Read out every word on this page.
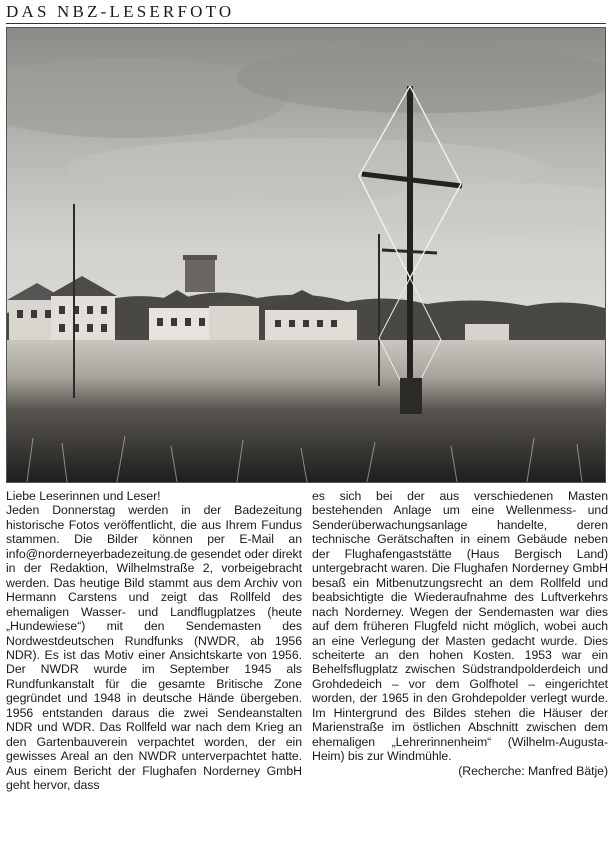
DAS NBZ-LESERFOTO

Liebe Leserinnen und Leser!

Jeden Donnerstag werden in der Badezeitung historische Fotos veröffentlicht, die aus Ihrem Fundus stammen. Die Bilder können per E-Mail an info@norderneyerbadezeitung.de gesendet oder direkt in der Redaktion, Wilhelmstraße 2, vorbeigebracht werden. Das heutige Bild stammt aus dem Archiv von Hermann Carstens und zeigt das Rollfeld des ehemaligen Wasser- und Landflugplatzes (heute „Hundewiese“) mit den Sendemasten des Nordwestdeutschen Rundfunks (NWDR, ab 1956 NDR). Es ist das Motiv einer Ansichtskarte von 1956. Der NWDR wurde im September 1945 als Rundfunkanstalt für die gesamte Britische Zone gegründet und 1948 in deutsche Hände übergeben. 1956 entstanden daraus die zwei Sendeanstalten NDR und WDR. Das Rollfeld war nach dem Krieg an den Gartenbauverein verpachtet worden, der ein gewisses Areal an den NWDR unterverpachtet hatte. Aus einem Bericht der Flughafen Norderney GmbH geht hervor, dass

es sich bei der aus verschiedenen Masten bestehenden Anlage um eine Wellenmess- und Senderüberwachungsanlage handelte, deren technische Gerätschaften in einem Gebäude neben der Flughafengaststätte (Haus Bergisch Land) untergebracht waren. Die Flughafen Norderney GmbH besaß ein Mitbenutzungsrecht an dem Rollfeld und beabsichtigte die Wiederaufnahme des Luftverkehrs nach Norderney. Wegen der Sendemasten war dies auf dem früheren Flugfeld nicht möglich, wobei auch an eine Verlegung der Masten gedacht wurde. Dies scheiterte an den hohen Kosten. 1953 war ein Behelfsflugplatz zwischen Südstrandpolderdeich und Grohdedeich – vor dem Golfhotel – eingerichtet worden, der 1965 in den Grohdepolder verlegt wurde. Im Hintergrund des Bildes stehen die Häuser der Marienstraße im östlichen Abschnitt zwischen dem ehemaligen „Lehrerinnenheim“ (Wilhelm-Augusta-Heim) bis zur Windmühle.

(Recherche: Manfred Bätje)
